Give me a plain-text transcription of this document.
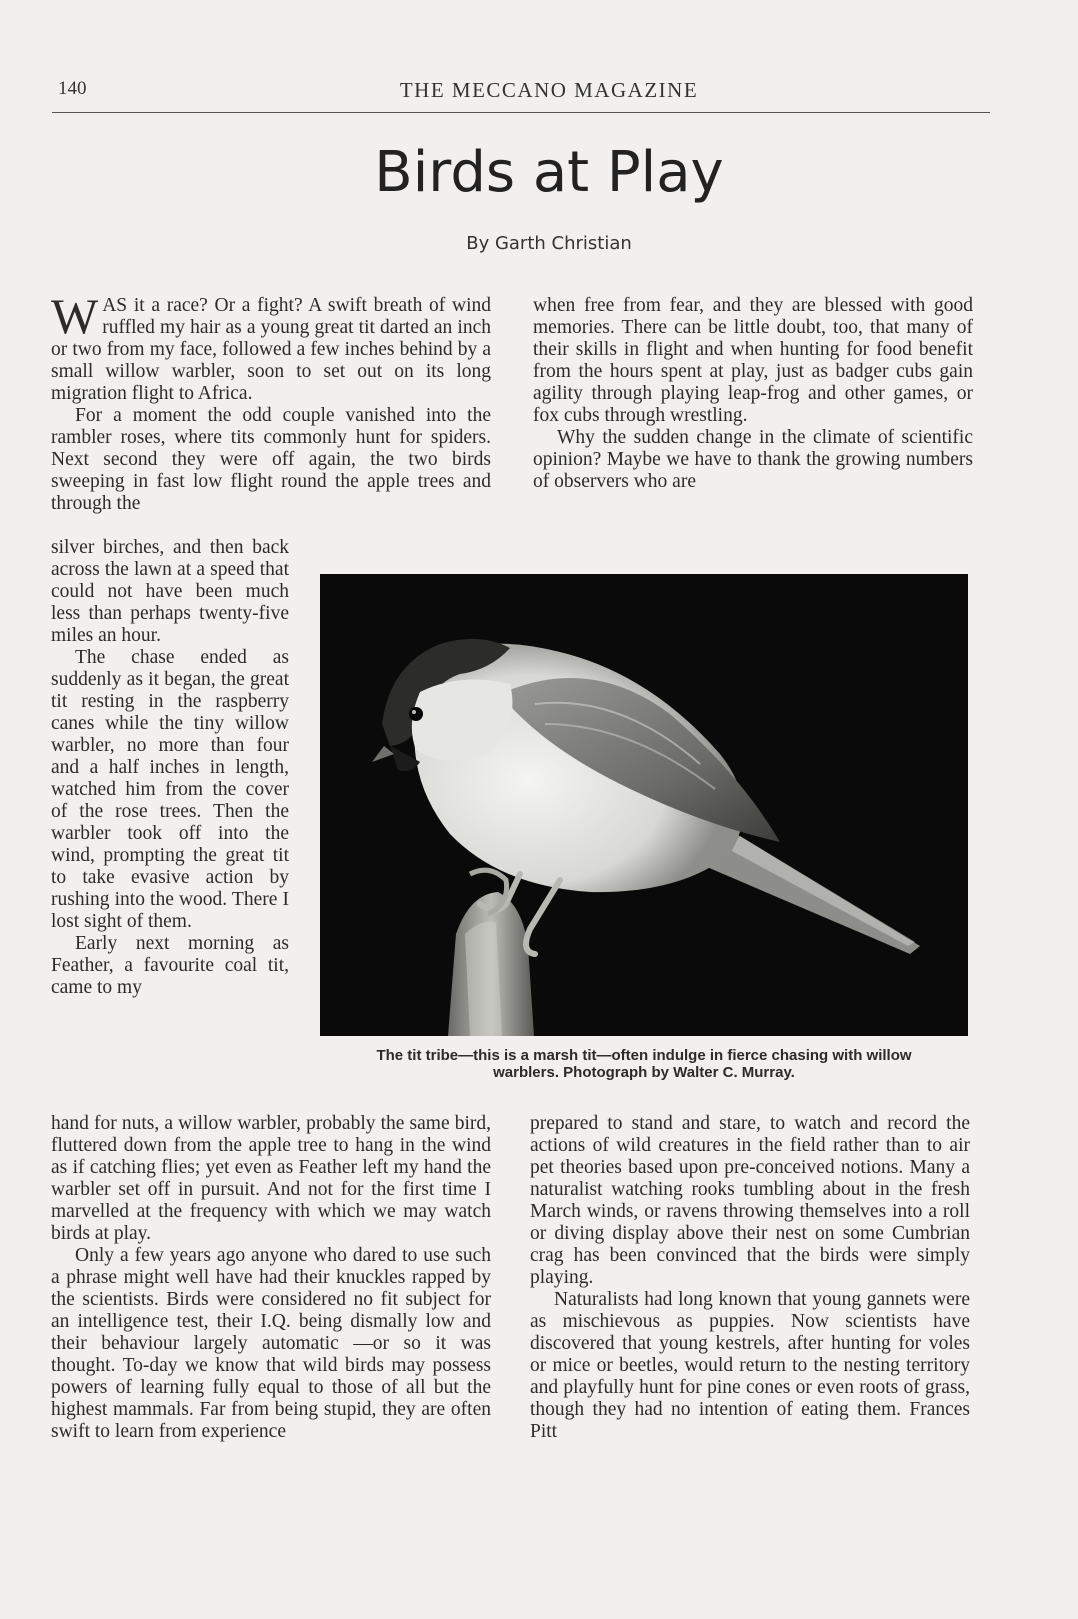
140	THE MECCANO MAGAZINE
Birds at Play
By Garth Christian

WAS it a race? Or a fight? A swift breath of wind ruffled my hair as a young great tit darted an inch or two from my face, followed a few inches behind by a small willow warbler, soon to set out on its long migration flight to Africa.

For a moment the odd couple vanished into the rambler roses, where tits commonly hunt for spiders. Next second they were off again, the two birds sweeping in fast low flight round the apple trees and through the

silver birches, and then back across the lawn at a speed that could not have been much less than perhaps twenty-five miles an hour.

The chase ended as suddenly as it began, the great tit resting in the raspberry canes while the tiny willow warbler, no more than four and a half inches in length, watched him from the cover of the rose trees. Then the warbler took off into the wind, prompting the great tit to take evasive action by rushing into the wood. There I lost sight of them.

Early next morning as Feather, a favourite coal tit, came to my

hand for nuts, a willow warbler, probably the same bird, fluttered down from the apple tree to hang in the wind as if catching flies; yet even as Feather left my hand the warbler set off in pursuit. And not for the first time I marvelled at the frequency with which we may watch birds at play.

Only a few years ago anyone who dared to use such a phrase might well have had their knuckles rapped by the scientists. Birds were considered no fit subject for an intelligence test, their I.Q. being dismally low and their behaviour largely automatic —or so it was thought. To-day we know that wild birds may possess powers of learning fully equal to those of all but the highest mammals. Far from being stupid, they are often swift to learn from experience

when free from fear, and they are blessed with good memories. There can be little doubt, too, that many of their skills in flight and when hunting for food benefit from the hours spent at play, just as badger cubs gain agility through playing leap-frog and other games, or fox cubs through wrestling.

Why the sudden change in the climate of scientific opinion? Maybe we have to thank the growing numbers of observers who are

The tit tribe—this is a marsh tit—often indulge in fierce chasing with willow
warblers. Photograph by Walter C. Murray.

prepared to stand and stare, to watch and record the actions of wild creatures in the field rather than to air pet theories based upon pre-conceived notions. Many a naturalist watching rooks tumbling about in the fresh March winds, or ravens throwing themselves into a roll or diving display above their nest on some Cumbrian crag has been convinced that the birds were simply playing.

Naturalists had long known that young gannets were as mischievous as puppies. Now scientists have discovered that young kestrels, after hunting for voles or mice or beetles, would return to the nesting territory and playfully hunt for pine cones or even roots of grass, though they had no intention of eating them. Frances Pitt
